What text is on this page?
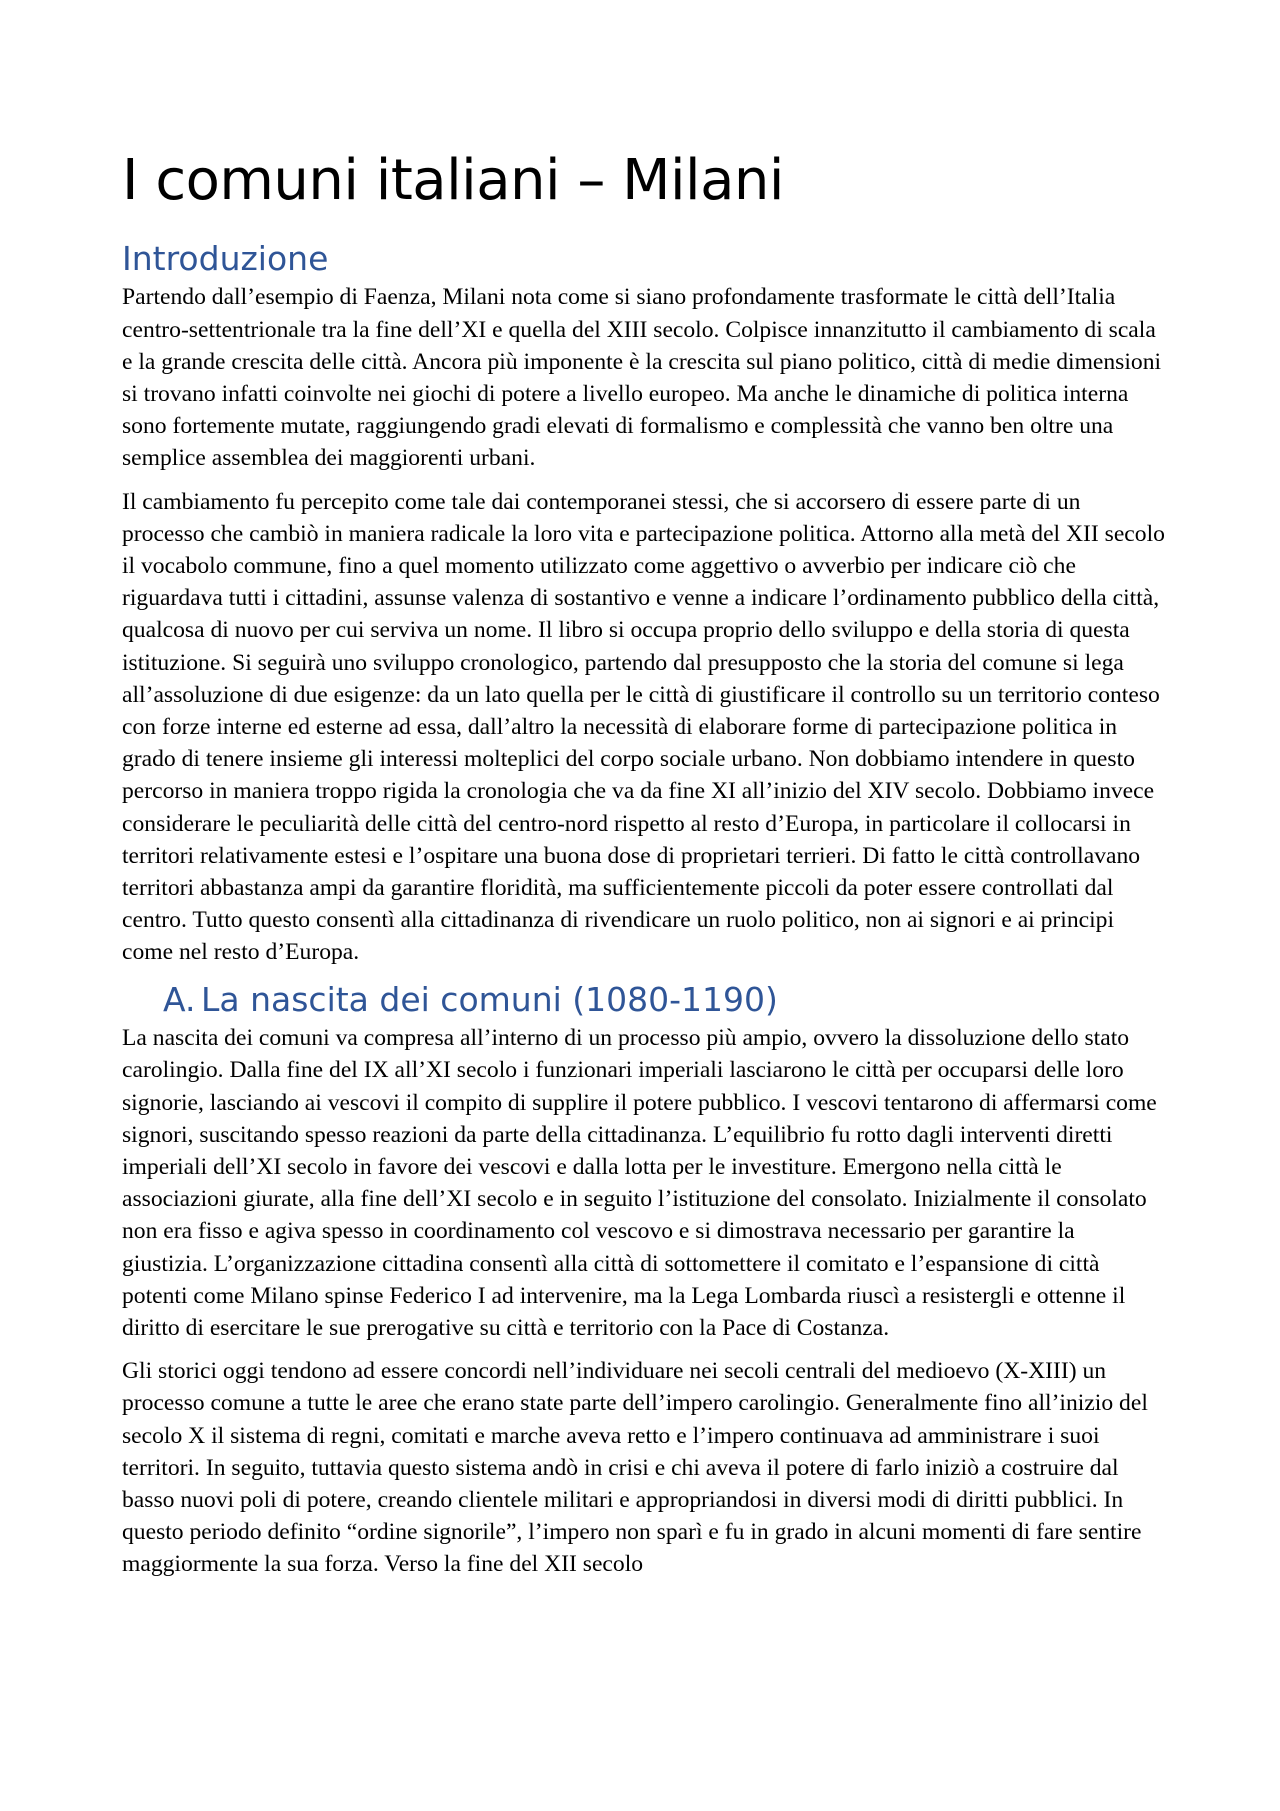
I comuni italiani – Milani
Introduzione

Partendo dall’esempio di Faenza, Milani nota come si siano profondamente trasformate le città dell’Italia centro-settentrionale tra la fine dell’XI e quella del XIII secolo. Colpisce innanzitutto il cambiamento di scala e la grande crescita delle città. Ancora più imponente è la crescita sul piano politico, città di medie dimensioni si trovano infatti coinvolte nei giochi di potere a livello europeo. Ma anche le dinamiche di politica interna sono fortemente mutate, raggiungendo gradi elevati di formalismo e complessità che vanno ben oltre una semplice assemblea dei maggiorenti urbani.

Il cambiamento fu percepito come tale dai contemporanei stessi, che si accorsero di essere parte di un processo che cambiò in maniera radicale la loro vita e partecipazione politica. Attorno alla metà del XII secolo il vocabolo commune, fino a quel momento utilizzato come aggettivo o avverbio per indicare ciò che riguardava tutti i cittadini, assunse valenza di sostantivo e venne a indicare l’ordinamento pubblico della città, qualcosa di nuovo per cui serviva un nome. Il libro si occupa proprio dello sviluppo e della storia di questa istituzione. Si seguirà uno sviluppo cronologico, partendo dal presupposto che la storia del comune si lega all’assoluzione di due esigenze: da un lato quella per le città di giustificare il controllo su un territorio conteso con forze interne ed esterne ad essa, dall’altro la necessità di elaborare forme di partecipazione politica in grado di tenere insieme gli interessi molteplici del corpo sociale urbano. Non dobbiamo intendere in questo percorso in maniera troppo rigida la cronologia che va da fine XI all’inizio del XIV secolo. Dobbiamo invece considerare le peculiarità delle città del centro-nord rispetto al resto d’Europa, in particolare il collocarsi in territori relativamente estesi e l’ospitare una buona dose di proprietari terrieri. Di fatto le città controllavano territori abbastanza ampi da garantire floridità, ma sufficientemente piccoli da poter essere controllati dal centro. Tutto questo consentì alla cittadinanza di rivendicare un ruolo politico, non ai signori e ai principi come nel resto d’Europa.

A. La nascita dei comuni (1080-1190)

La nascita dei comuni va compresa all’interno di un processo più ampio, ovvero la dissoluzione dello stato carolingio. Dalla fine del IX all’XI secolo i funzionari imperiali lasciarono le città per occuparsi delle loro signorie, lasciando ai vescovi il compito di supplire il potere pubblico. I vescovi tentarono di affermarsi come signori, suscitando spesso reazioni da parte della cittadinanza. L’equilibrio fu rotto dagli interventi diretti imperiali dell’XI secolo in favore dei vescovi e dalla lotta per le investiture. Emergono nella città le associazioni giurate, alla fine dell’XI secolo e in seguito l’istituzione del consolato. Inizialmente il consolato non era fisso e agiva spesso in coordinamento col vescovo e si dimostrava necessario per garantire la giustizia. L’organizzazione cittadina consentì alla città di sottomettere il comitato e l’espansione di città potenti come Milano spinse Federico I ad intervenire, ma la Lega Lombarda riuscì a resistergli e ottenne il diritto di esercitare le sue prerogative su città e territorio con la Pace di Costanza.

Gli storici oggi tendono ad essere concordi nell’individuare nei secoli centrali del medioevo (X-XIII) un processo comune a tutte le aree che erano state parte dell’impero carolingio. Generalmente fino all’inizio del secolo X il sistema di regni, comitati e marche aveva retto e l’impero continuava ad amministrare i suoi territori. In seguito, tuttavia questo sistema andò in crisi e chi aveva il potere di farlo iniziò a costruire dal basso nuovi poli di potere, creando clientele militari e appropriandosi in diversi modi di diritti pubblici. In questo periodo definito “ordine signorile”, l’impero non sparì e fu in grado in alcuni momenti di fare sentire maggiormente la sua forza. Verso la fine del XII secolo
